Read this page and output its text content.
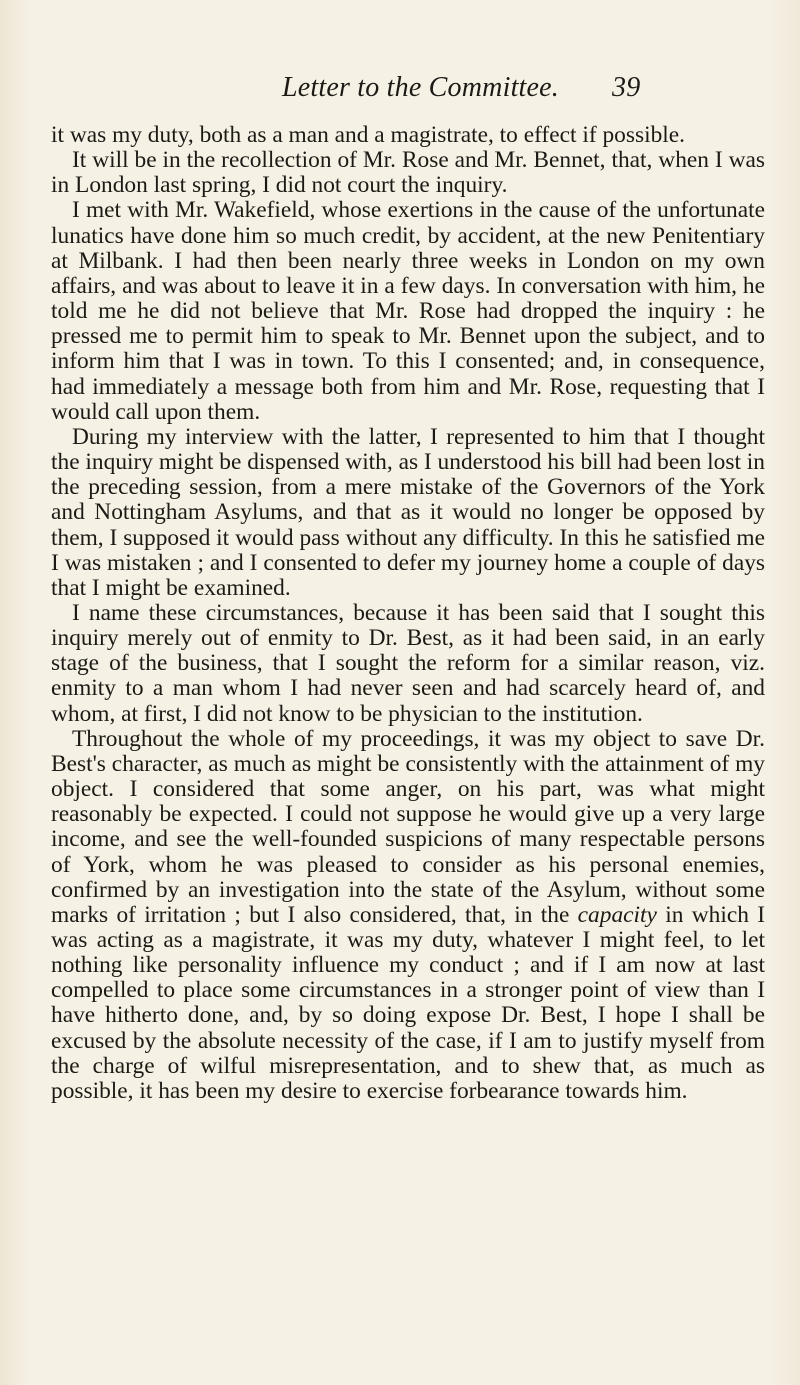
Letter to the Committee. 39

it was my duty, both as a man and a magistrate, to effect if possible.

It will be in the recollection of Mr. Rose and Mr. Bennet, that, when I was in London last spring, I did not court the inquiry.

I met with Mr. Wakefield, whose exertions in the cause of the unfortunate lunatics have done him so much credit, by accident, at the new Penitentiary at Milbank. I had then been nearly three weeks in London on my own affairs, and was about to leave it in a few days. In conversation with him, he told me he did not believe that Mr. Rose had dropped the inquiry : he pressed me to permit him to speak to Mr. Bennet upon the subject, and to inform him that I was in town. To this I consented; and, in consequence, had immediately a message both from him and Mr. Rose, requesting that I would call upon them.

During my interview with the latter, I represented to him that I thought the inquiry might be dispensed with, as I understood his bill had been lost in the preceding session, from a mere mistake of the Governors of the York and Nottingham Asylums, and that as it would no longer be opposed by them, I supposed it would pass without any difficulty. In this he satisfied me I was mistaken ; and I consented to defer my journey home a couple of days that I might be examined.

I name these circumstances, because it has been said that I sought this inquiry merely out of enmity to Dr. Best, as it had been said, in an early stage of the business, that I sought the reform for a similar reason, viz. enmity to a man whom I had never seen and had scarcely heard of, and whom, at first, I did not know to be physician to the institution.

Throughout the whole of my proceedings, it was my object to save Dr. Best's character, as much as might be consistently with the attainment of my object. I considered that some anger, on his part, was what might reasonably be expected. I could not suppose he would give up a very large income, and see the well-founded suspicions of many respectable persons of York, whom he was pleased to consider as his personal enemies, confirmed by an investigation into the state of the Asylum, without some marks of irritation ; but I also considered, that, in the capacity in which I was acting as a magistrate, it was my duty, whatever I might feel, to let nothing like personality influence my conduct ; and if I am now at last compelled to place some circumstances in a stronger point of view than I have hitherto done, and, by so doing expose Dr. Best, I hope I shall be excused by the absolute necessity of the case, if I am to justify myself from the charge of wilful misrepresentation, and to shew that, as much as possible, it has been my desire to exercise forbearance towards him.
